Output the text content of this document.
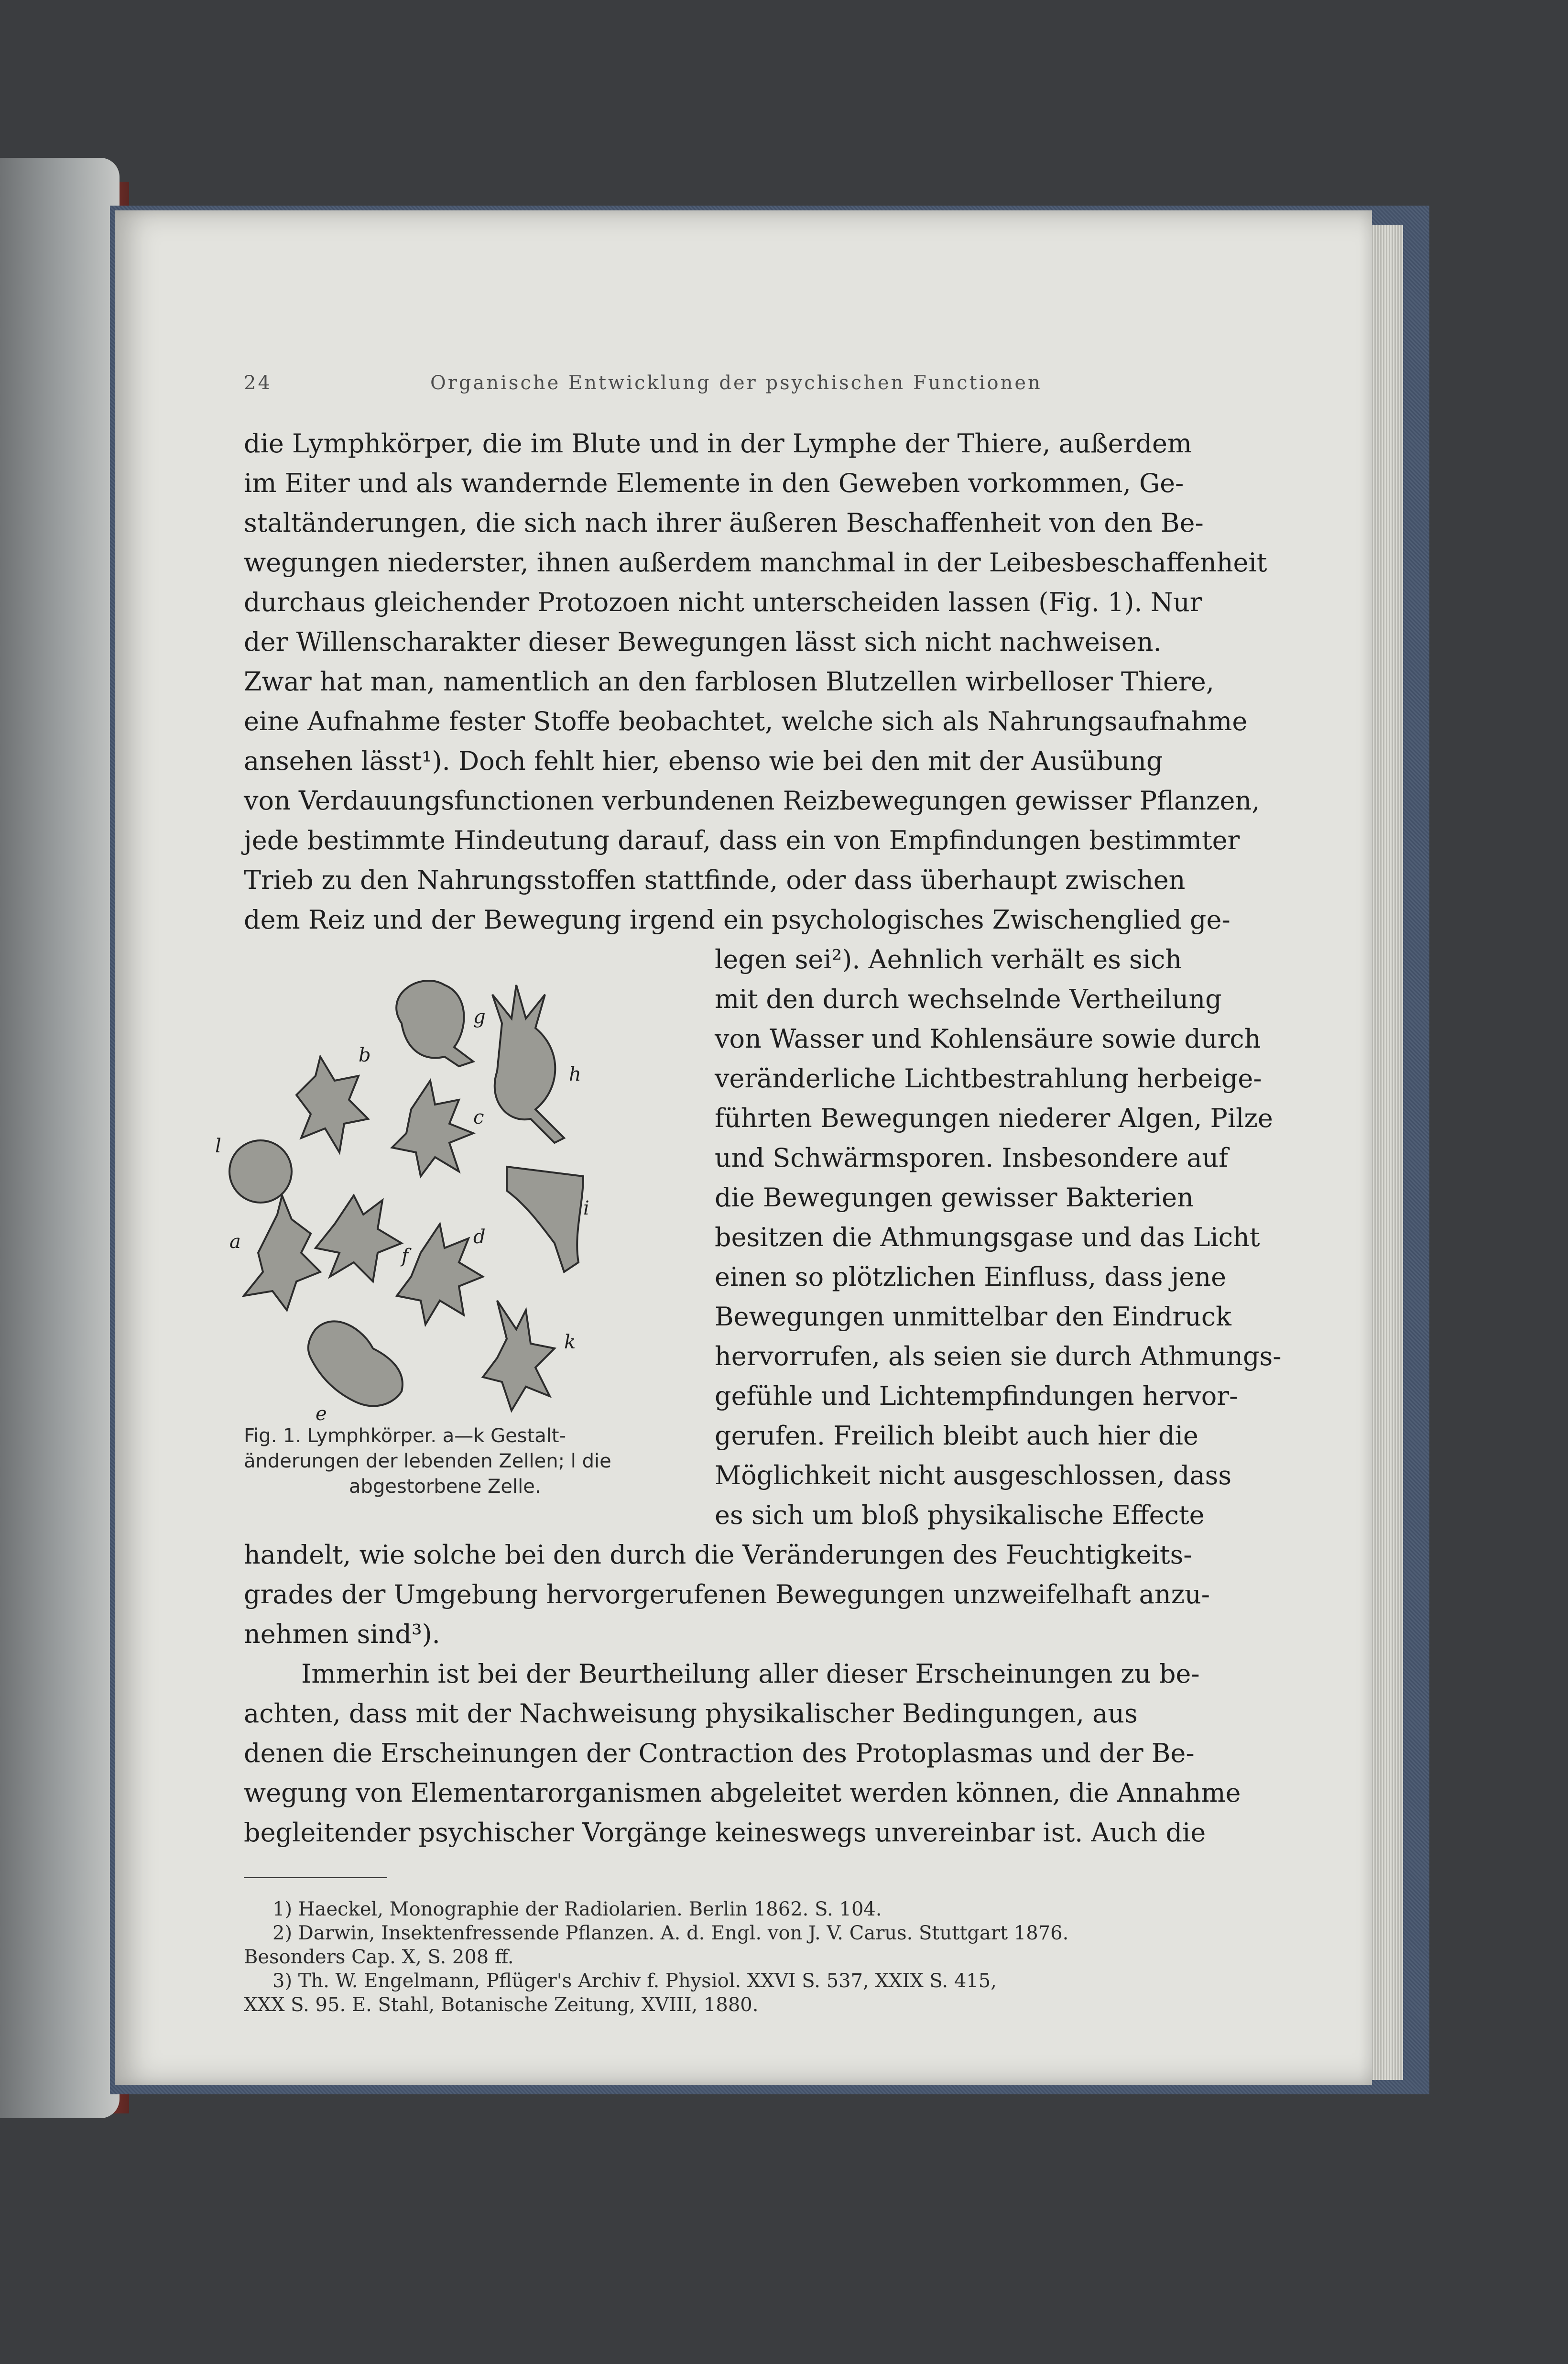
24	Organische Entwicklung der psychischen Functionen
die Lymphkörper, die im Blute und in der Lymphe der Thiere, außerdem
im Eiter und als wandernde Elemente in den Geweben vorkommen, Ge-
staltänderungen, die sich nach ihrer äußeren Beschaffenheit von den Be-
wegungen niederster, ihnen außerdem manchmal in der Leibesbeschaffenheit
durchaus gleichender Protozoen nicht unterscheiden lassen (Fig. 1). Nur
der Willenscharakter dieser Bewegungen lässt sich nicht nachweisen.
Zwar hat man, namentlich an den farblosen Blutzellen wirbelloser Thiere,
eine Aufnahme fester Stoffe beobachtet, welche sich als Nahrungsaufnahme
ansehen lässt¹). Doch fehlt hier, ebenso wie bei den mit der Ausübung
von Verdauungsfunctionen verbundenen Reizbewegungen gewisser Pflanzen,
jede bestimmte Hindeutung darauf, dass ein von Empfindungen bestimmter
Trieb zu den Nahrungsstoffen stattfinde, oder dass überhaupt zwischen
dem Reiz und der Bewegung irgend ein psychologisches Zwischenglied ge-
legen sei²). Aehnlich verhält es sich
mit den durch wechselnde Vertheilung
von Wasser und Kohlensäure sowie durch
veränderliche Lichtbestrahlung herbeige-
führten Bewegungen niederer Algen, Pilze
und Schwärmsporen. Insbesondere auf
die Bewegungen gewisser Bakterien
besitzen die Athmungsgase und das Licht
einen so plötzlichen Einfluss, dass jene
Bewegungen unmittelbar den Eindruck
hervorrufen, als seien sie durch Athmungs-
gefühle und Lichtempfindungen hervor-
gerufen. Freilich bleibt auch hier die
Möglichkeit nicht ausgeschlossen, dass
es sich um bloß physikalische Effecte
g
h
b
c
l
i
a
f
d
k
e
Fig. 1. Lymphkörper. a—k Gestalt-
änderungen der lebenden Zellen; l die
abgestorbene Zelle.
handelt, wie solche bei den durch die Veränderungen des Feuchtigkeits-
grades der Umgebung hervorgerufenen Bewegungen unzweifelhaft anzu-
nehmen sind³).
Immerhin ist bei der Beurtheilung aller dieser Erscheinungen zu be-
achten, dass mit der Nachweisung physikalischer Bedingungen, aus
denen die Erscheinungen der Contraction des Protoplasmas und der Be-
wegung von Elementarorganismen abgeleitet werden können, die Annahme
begleitender psychischer Vorgänge keineswegs unvereinbar ist. Auch die
1) Haeckel, Monographie der Radiolarien. Berlin 1862. S. 104.
2) Darwin, Insektenfressende Pflanzen. A. d. Engl. von J. V. Carus. Stuttgart 1876.
Besonders Cap. X, S. 208 ff.
3) Th. W. Engelmann, Pflüger's Archiv f. Physiol. XXVI S. 537, XXIX S. 415,
XXX S. 95. E. Stahl, Botanische Zeitung, XVIII, 1880.
